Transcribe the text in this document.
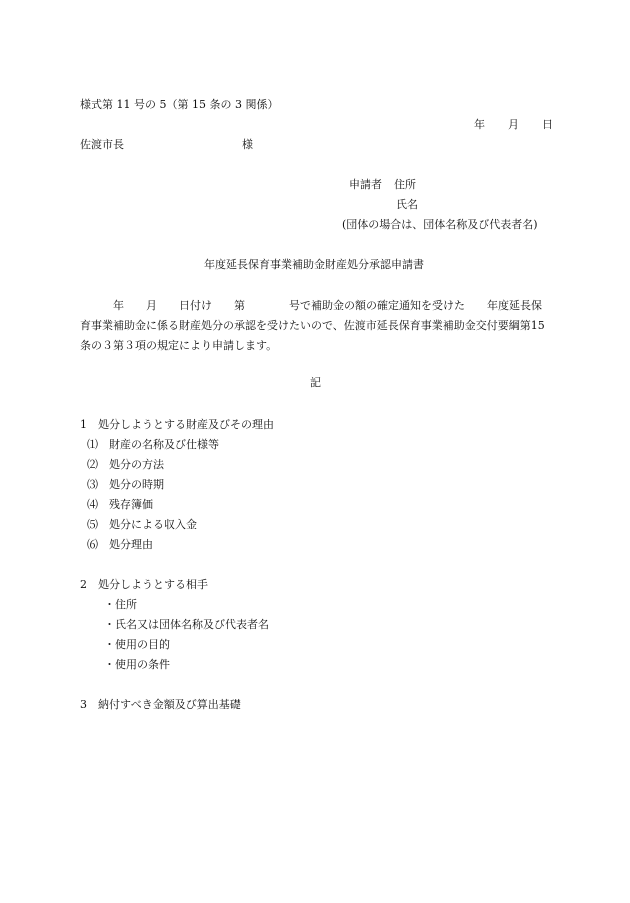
様式第 11 号の 5（第 15 条の 3 関係）
年 月 日
佐渡市長	様
申請者 住所
氏名
(団体の場合は、団体名称及び代表者名)
年度延長保育事業補助金財産処分承認申請書
　　　年　　月　　日付け　　第　　　　号で補助金の額の確定通知を受けた　　年度延長保
育事業補助金に係る財産処分の承認を受けたいので、佐渡市延長保育事業補助金交付要綱第15
条の３第３項の規定により申請します。
記
1　処分しようとする財産及びその理由
⑴　財産の名称及び仕様等
⑵　処分の方法
⑶　処分の時期
⑷　残存簿価
⑸　処分による収入金
⑹　処分理由
2　処分しようとする相手
・住所
・氏名又は団体名称及び代表者名
・使用の目的
・使用の条件
3　納付すべき金額及び算出基礎
